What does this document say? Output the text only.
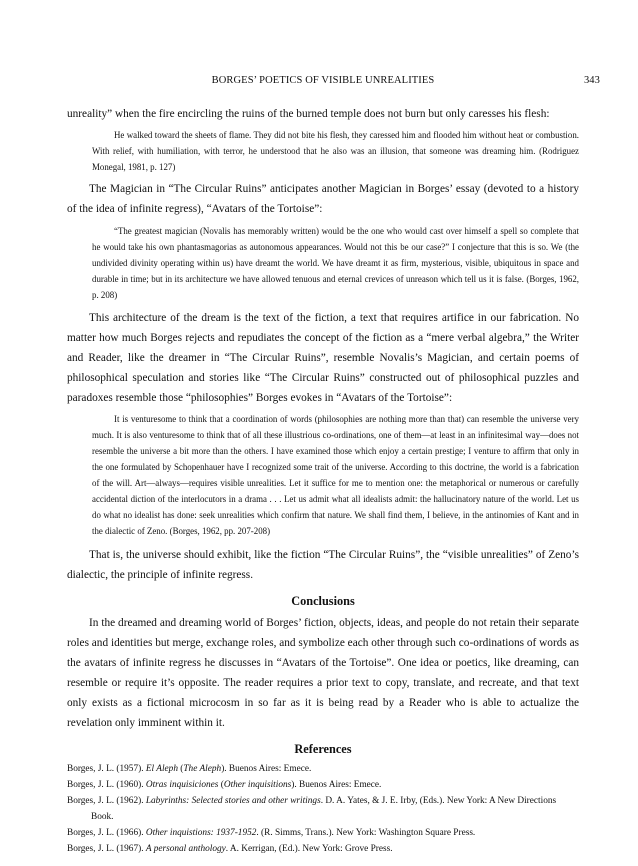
BORGES’ POETICS OF VISIBLE UNREALITIES	343

unreality” when the fire encircling the ruins of the burned temple does not burn but only caresses his flesh:

He walked toward the sheets of flame. They did not bite his flesh, they caressed him and flooded him without heat or combustion. With relief, with humiliation, with terror, he understood that he also was an illusion, that someone was dreaming him. (Rodriguez Monegal, 1981, p. 127)

The Magician in “The Circular Ruins” anticipates another Magician in Borges’ essay (devoted to a history of the idea of infinite regress), “Avatars of the Tortoise”:

“The greatest magician (Novalis has memorably written) would be the one who would cast over himself a spell so complete that he would take his own phantasmagorias as autonomous appearances. Would not this be our case?” I conjecture that this is so. We (the undivided divinity operating within us) have dreamt the world. We have dreamt it as firm, mysterious, visible, ubiquitous in space and durable in time; but in its architecture we have allowed tenuous and eternal crevices of unreason which tell us it is false. (Borges, 1962, p. 208)

This architecture of the dream is the text of the fiction, a text that requires artifice in our fabrication. No matter how much Borges rejects and repudiates the concept of the fiction as a “mere verbal algebra,” the Writer and Reader, like the dreamer in “The Circular Ruins”, resemble Novalis’s Magician, and certain poems of philosophical speculation and stories like “The Circular Ruins” constructed out of philosophical puzzles and paradoxes resemble those “philosophies” Borges evokes in “Avatars of the Tortoise”:

It is venturesome to think that a coordination of words (philosophies are nothing more than that) can resemble the universe very much. It is also venturesome to think that of all these illustrious co-ordinations, one of them—at least in an infinitesimal way—does not resemble the universe a bit more than the others. I have examined those which enjoy a certain prestige; I venture to affirm that only in the one formulated by Schopenhauer have I recognized some trait of the universe. According to this doctrine, the world is a fabrication of the will. Art—always—requires visible unrealities. Let it suffice for me to mention one: the metaphorical or numerous or carefully accidental diction of the interlocutors in a drama . . . Let us admit what all idealists admit: the hallucinatory nature of the world. Let us do what no idealist has done: seek unrealities which confirm that nature. We shall find them, I believe, in the antinomies of Kant and in the dialectic of Zeno. (Borges, 1962, pp. 207-208)

That is, the universe should exhibit, like the fiction “The Circular Ruins”, the “visible unrealities” of Zeno’s dialectic, the principle of infinite regress.

Conclusions

In the dreamed and dreaming world of Borges’ fiction, objects, ideas, and people do not retain their separate roles and identities but merge, exchange roles, and symbolize each other through such co-ordinations of words as the avatars of infinite regress he discusses in “Avatars of the Tortoise”. One idea or poetics, like dreaming, can resemble or require it’s opposite. The reader requires a prior text to copy, translate, and recreate, and that text only exists as a fictional microcosm in so far as it is being read by a Reader who is able to actualize the revelation only imminent within it.

References

Borges, J. L. (1957). El Aleph (The Aleph). Buenos Aires: Emece.

Borges, J. L. (1960). Otras inquisiciones (Other inquisitions). Buenos Aires: Emece.

Borges, J. L. (1962). Labyrinths: Selected stories and other writings. D. A. Yates, & J. E. Irby, (Eds.). New York: A New Directions Book.

Borges, J. L. (1966). Other inquistions: 1937-1952. (R. Simms, Trans.). New York: Washington Square Press.

Borges, J. L. (1967). A personal anthology. A. Kerrigan, (Ed.). New York: Grove Press.
